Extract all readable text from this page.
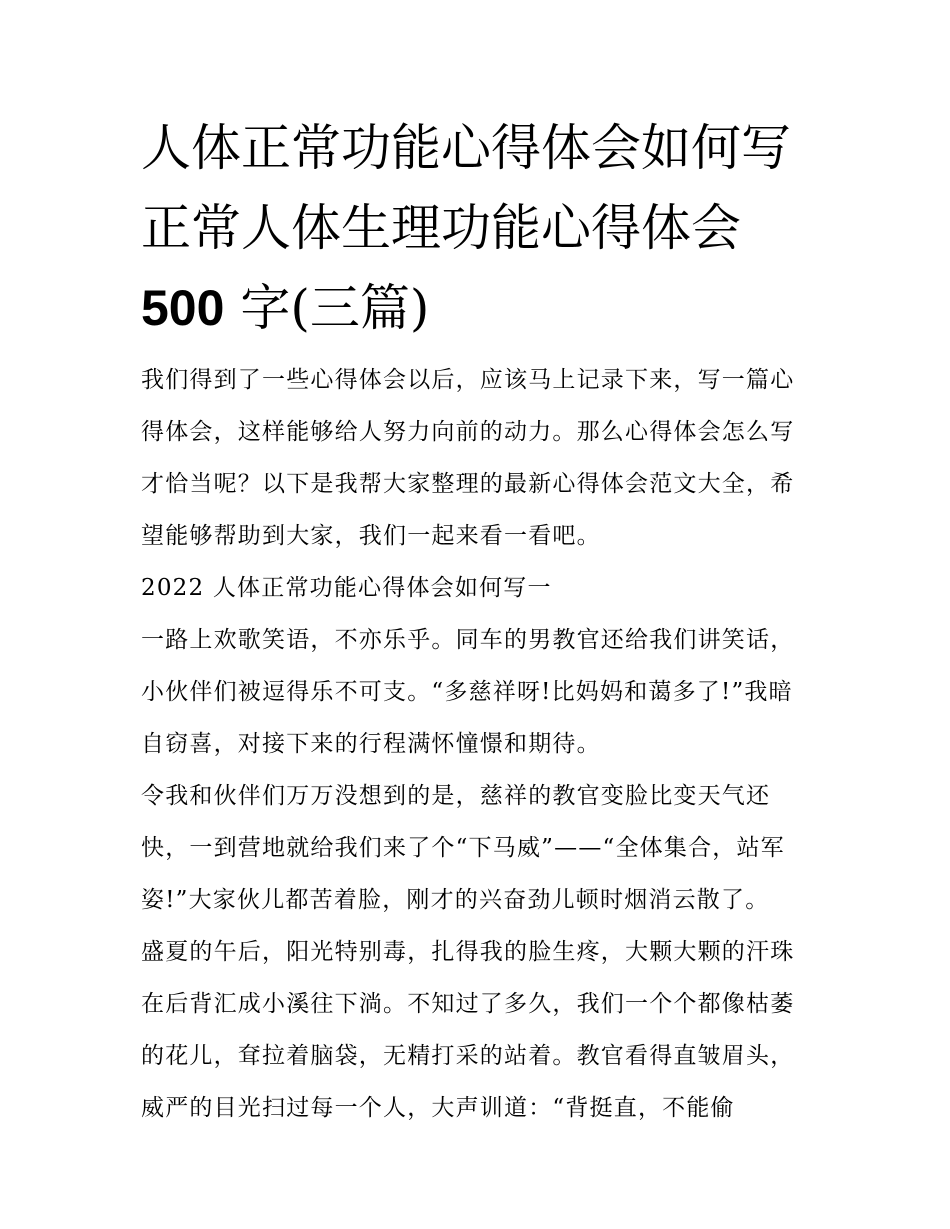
人体正常功能心得体会如何写
正常人体生理功能心得体会
500 字(三篇)
我们得到了一些心得体会以后，应该马上记录下来，写一篇心
得体会，这样能够给人努力向前的动力。那么心得体会怎么写
才恰当呢？以下是我帮大家整理的最新心得体会范文大全，希
望能够帮助到大家，我们一起来看一看吧。
2022 人体正常功能心得体会如何写一
一路上欢歌笑语，不亦乐乎。同车的男教官还给我们讲笑话，
小伙伴们被逗得乐不可支。“多慈祥呀!比妈妈和蔼多了!”我暗
自窃喜，对接下来的行程满怀憧憬和期待。
令我和伙伴们万万没想到的是，慈祥的教官变脸比变天气还
快，一到营地就给我们来了个“下马威”——“全体集合，站军
姿!”大家伙儿都苦着脸，刚才的兴奋劲儿顿时烟消云散了。
盛夏的午后，阳光特别毒，扎得我的脸生疼，大颗大颗的汗珠
在后背汇成小溪往下淌。不知过了多久，我们一个个都像枯萎
的花儿，耷拉着脑袋，无精打采的站着。教官看得直皱眉头，
威严的目光扫过每一个人，大声训道：“背挺直，不能偷
